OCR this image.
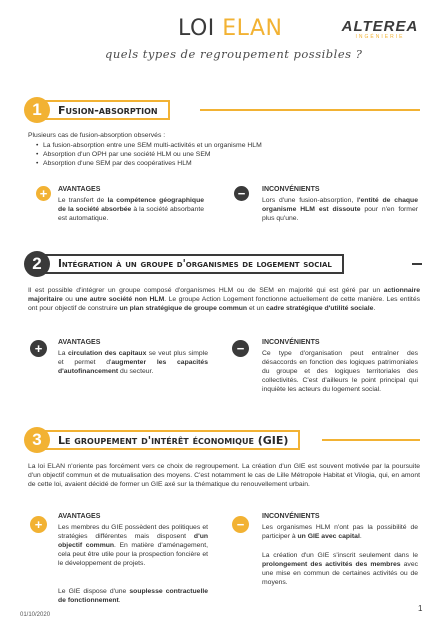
LOI ELAN	ALTEREA
INGÉNIERIE
quels types de regroupement possibles ?
1	Fusion-absorption
Plusieurs cas de fusion-absorption observés :
• La fusion-absorption entre une SEM multi-activités et un organisme HLM
• Absorption d'un OPH par une société HLM ou une SEM
• Absorption d'une SEM par des coopératives HLM
+	AVANTAGES
Le transfert de la compétence géographique de la société absorbée à la société absorbante est automatique.
−	INCONVÉNIENTS
Lors d'une fusion-absorption, l'entité de chaque organisme HLM est dissoute pour n'en former plus qu'une.
2	Intégration à un groupe d'organismes de logement social
Il est possible d'intégrer un groupe composé d'organismes HLM ou de SEM en majorité qui est géré par un actionnaire majoritaire ou une autre société non HLM. Le groupe Action Logement fonctionne actuellement de cette manière. Les entités ont pour objectif de construire un plan stratégique de groupe commun et un cadre stratégique d'utilité sociale.
+	AVANTAGES
La circulation des capitaux se veut plus simple et permet d'augmenter les capacités d'autofinancement du secteur.
−	INCONVÉNIENTS
Ce type d'organisation peut entraîner des désaccords en fonction des logiques patrimoniales du groupe et des logiques territoriales des collectivités. C'est d'ailleurs le point principal qui inquiète les acteurs du logement social.
3	Le groupement d'intérêt économique (GIE)
La loi ELAN n'oriente pas forcément vers ce choix de regroupement. La création d'un GIE est souvent motivée par la poursuite d'un objectif commun et de mutualisation des moyens. C'est notamment le cas de Lille Métropole Habitat et Vilogia, qui, en amont de cette loi, avaient décidé de former un GIE axé sur la thématique du renouvellement urbain.
+
AVANTAGES
Les membres du GIE possèdent des politiques et stratégies différentes mais disposent d'un objectif commun. En matière d'aménagement, cela peut être utile pour la prospection foncière et le développement de projets.
Le GIE dispose d'une souplesse contractuelle de fonctionnement.
−
INCONVÉNIENTS
Les organismes HLM n'ont pas la possibilité de participer à un GIE avec capital.
La création d'un GIE s'inscrit seulement dans le prolongement des activités des membres avec une mise en commun de certaines activités ou de moyens.
01/10/2020
1
